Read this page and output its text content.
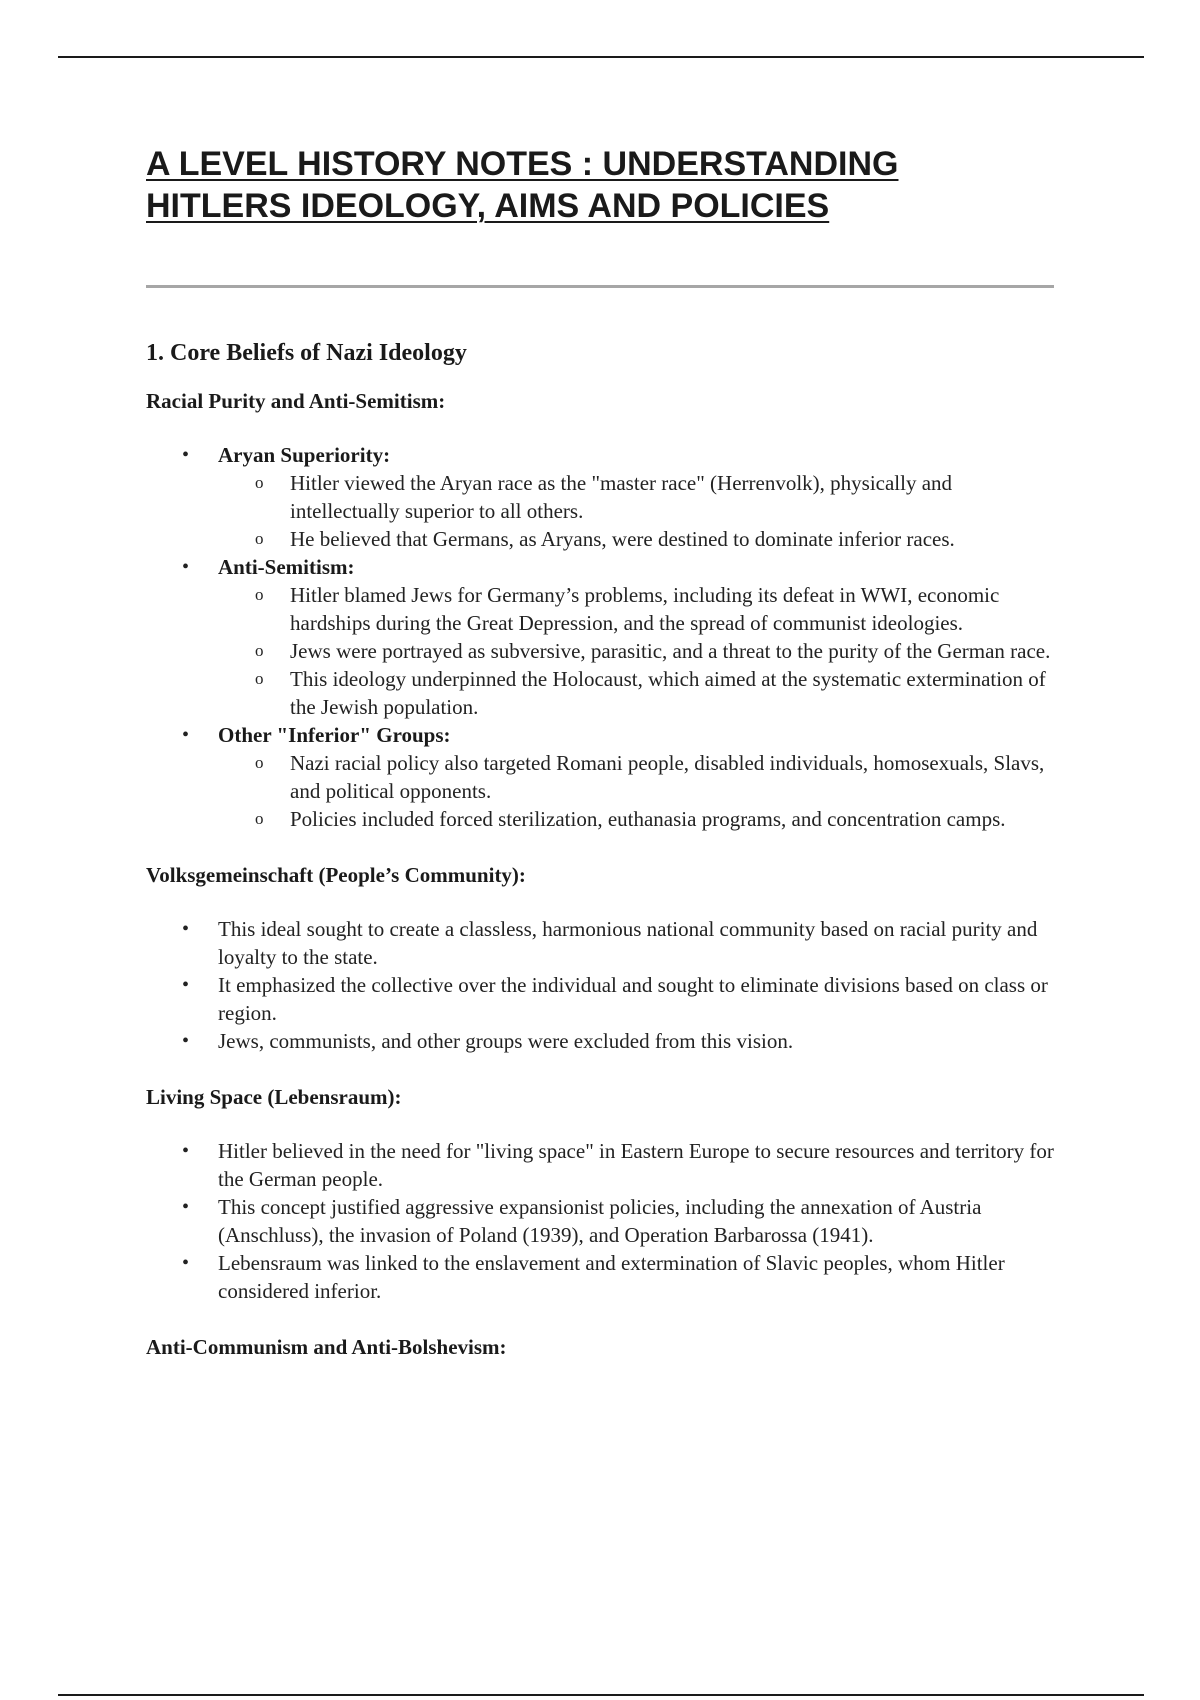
A LEVEL HISTORY NOTES : UNDERSTANDING
HITLERS IDEOLOGY, AIMS AND POLICIES
1. Core Beliefs of Nazi Ideology
Racial Purity and Anti-Semitism:
• Aryan Superiority:
o Hitler viewed the Aryan race as the "master race" (Herrenvolk), physically and intellectually superior to all others.
o He believed that Germans, as Aryans, were destined to dominate inferior races.
• Anti-Semitism:
o Hitler blamed Jews for Germany’s problems, including its defeat in WWI, economic hardships during the Great Depression, and the spread of communist ideologies.
o Jews were portrayed as subversive, parasitic, and a threat to the purity of the German race.
o This ideology underpinned the Holocaust, which aimed at the systematic extermination of the Jewish population.
• Other "Inferior" Groups:
o Nazi racial policy also targeted Romani people, disabled individuals, homosexuals, Slavs, and political opponents.
o Policies included forced sterilization, euthanasia programs, and concentration camps.
Volksgemeinschaft (People’s Community):
• This ideal sought to create a classless, harmonious national community based on racial purity and loyalty to the state.
• It emphasized the collective over the individual and sought to eliminate divisions based on class or region.
• Jews, communists, and other groups were excluded from this vision.
Living Space (Lebensraum):
• Hitler believed in the need for "living space" in Eastern Europe to secure resources and territory for the German people.
• This concept justified aggressive expansionist policies, including the annexation of Austria (Anschluss), the invasion of Poland (1939), and Operation Barbarossa (1941).
• Lebensraum was linked to the enslavement and extermination of Slavic peoples, whom Hitler considered inferior.
Anti-Communism and Anti-Bolshevism:
